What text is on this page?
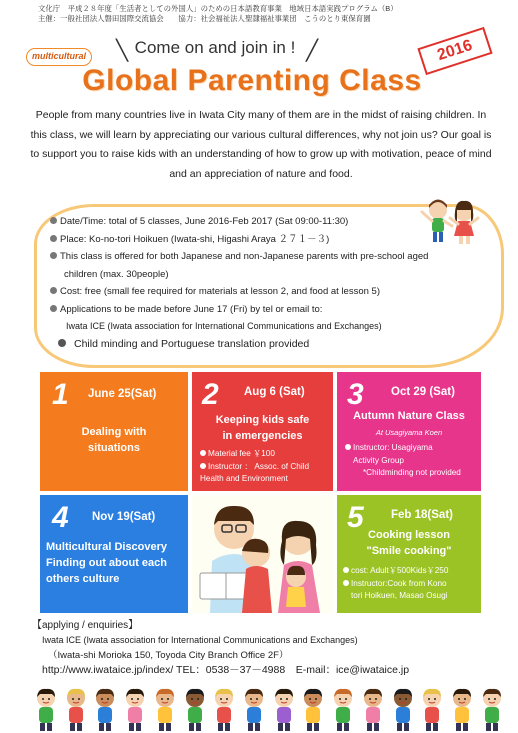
文化庁　平成２８年度「生活者としての外国人」のための日本語教育事業　地域日本語実践プログラム（B）
主催：一般社団法人磐田国際交流協会　　協力：社会福祉法人聖隷福祉事業団　こうのとり東保育園
multicultural	╲ Come on and join in ! ╱
Global Parenting Class
2016
People from many countries live in Iwata City many of them are in the midst of raising children. In this class, we will learn by appreciating our various cultural differences, why not join us? Our goal is to support you to raise kids with an understanding of how to grow up with motivation, peace of mind and an appreciation of nature and food.
Date/Time: total of 5 classes, June 2016-Feb 2017 (Sat 09:00-11:30)
Place: Ko-no-tori Hoikuen (Iwata-shi, Higashi Araya ２７１－３)
This class is offered for both Japanese and non-Japanese parents with pre-school aged
children (max. 30people)
Cost: free (small fee required for materials at lesson 2, and food at lesson 5)
Applications to be made before June 17 (Fri) by tel or email to:
Iwata ICE (Iwata association for International Communications and Exchanges)
Child minding and Portuguese translation provided
1 June 25(Sat)
Dealing with
situations
2 Aug 6 (Sat)
Keeping kids safe
in emergencies
Material fee ￥100
Instructor ： Assoc. of Child
Health and Environment
3 Oct 29 (Sat)
Autumn Nature Class
At Usagiyama Koen
Instructor: Usagiyama
Activity Group
*Childminding not provided
4 Nov 19(Sat)
Multicultural Discovery
Finding out about each
others culture
5 Feb 18(Sat)
Cooking lesson
"Smile cooking"
cost: Adult￥500Kids￥250
Instructor:Cook from Kono
tori Hoikuen, Masao Osugi
【applying / enquiries】
Iwata ICE (Iwata association for International Communications and Exchanges)
（Iwata-shi Morioka 150, Toyoda City Branch Office 2F）
http://www.iwataice.jp/index/ TEL：0538－37－4988　E-mail：ice@iwataice.jp
